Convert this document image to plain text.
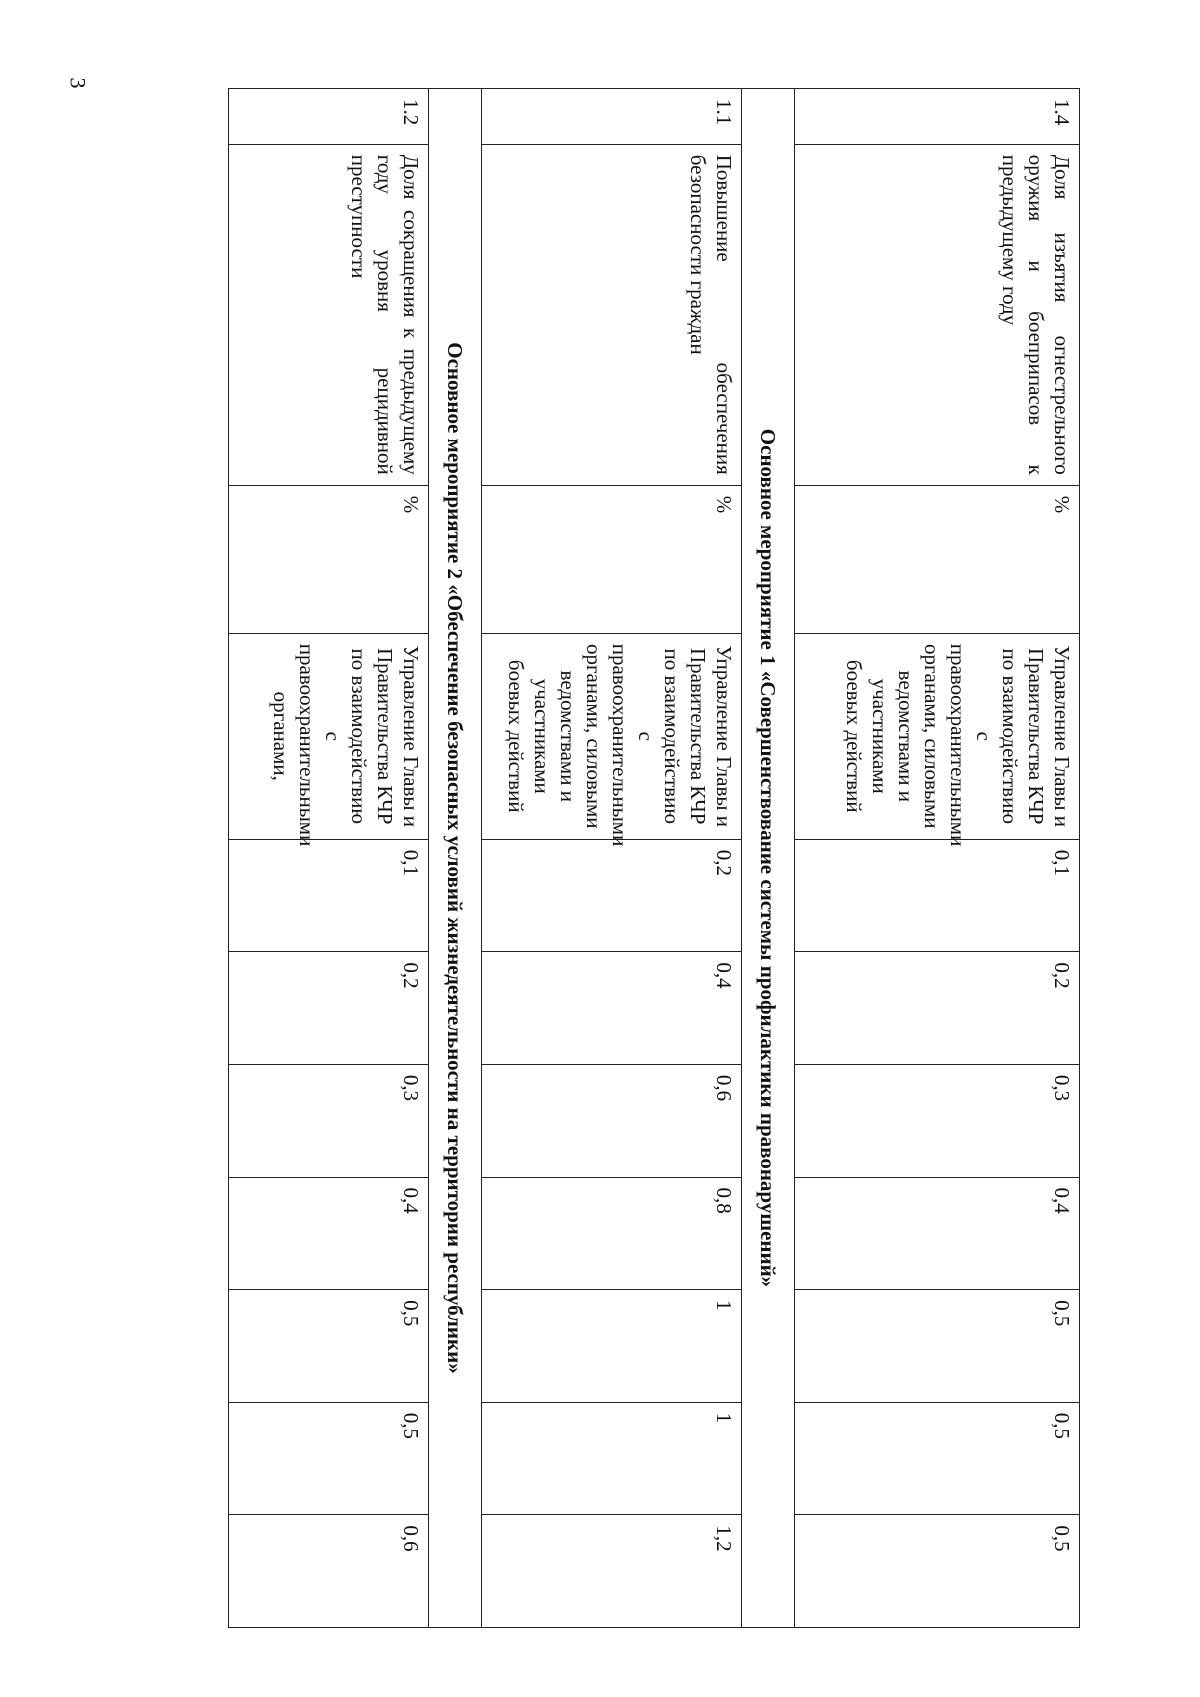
3
1.4	Доля изъятия огнестрельного оружия и боеприпасов к предыдущему году	%	Управление Главы и Правительства КЧР по взаимодействию с правоохранительными органами, силовыми ведомствами и участниками боевых действий	0,1	0,2	0,3	0,4	0,5	0,5	0,5
Основное мероприятие 1 «Совершенствование системы профилактики правонарушений»										
1.1	Повышение обеспечения безопасности граждан	%	Управление Главы и Правительства КЧР по взаимодействию с правоохранительными органами, силовыми ведомствами и участниками боевых действий	0,2	0,4	0,6	0,8	1	1	1,2
Основное мероприятие 2 «Обеспечение безопасных условий жизнедеятельности на территории республики»										
1.2	Доля сокращения к предыдущему году уровня рецидивной преступности	%	Управление Главы и Правительства КЧР по взаимодействию с правоохранительными органами,	0,1	0,2	0,3	0,4	0,5	0,5	0,6
